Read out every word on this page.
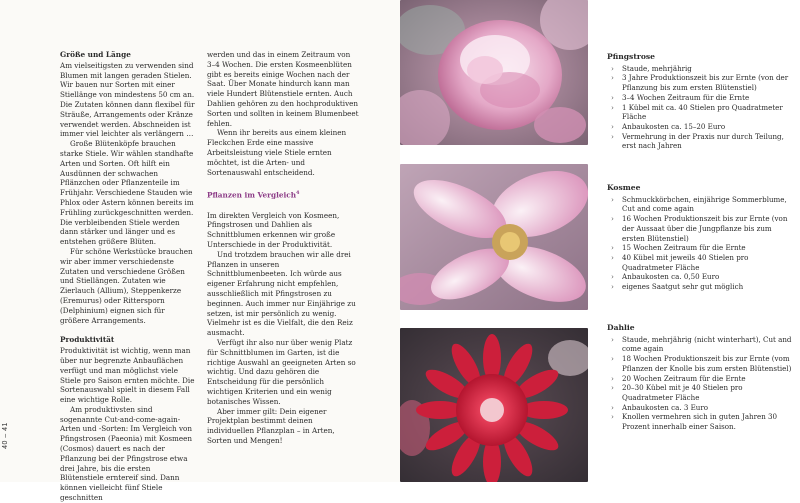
40 – 41
Größe und Länge

Am vielseitigsten zu verwenden sind Blumen mit langen geraden Stielen. Wir bauen nur Sorten mit einer Stiellänge von mindestens 50 cm an. Die Zutaten können dann flexibel für Sträuße, Arrangements oder Kränze verwendet werden. Abschneiden ist immer viel leichter als verlängern …

Große Blütenköpfe brauchen starke Stiele. Wir wählen standhafte Arten und Sorten. Oft hilft ein Ausdünnen der schwachen Pflänzchen oder Pflanzenteile im Frühjahr. Verschiedene Stauden wie Phlox oder Astern können bereits im Frühling zurückgeschnitten werden. Die verbleibenden Stiele werden dann stärker und länger und es entstehen größere Blüten.

Für schöne Werkstücke brauchen wir aber immer verschiedenste Zutaten und verschiedene Größen und Stiellängen. Zutaten wie Zierlauch (Allium), Steppenkerze (Eremurus) oder Rittersporn (Delphinium) eignen sich für größere Arrangements.

Produktivität

Produktivität ist wichtig, wenn man über nur begrenzte Anbauflächen verfügt und man möglichst viele Stiele pro Saison ernten möchte. Die Sortenauswahl spielt in diesem Fall eine wichtige Rolle.

Am produktivsten sind sogenannte Cut-and-come-again-Arten und -Sorten: Im Vergleich von Pfingstrosen (Paeonia) mit Kosmeen (Cosmos) dauert es nach der Pflanzung bei der Pfingstrose etwa drei Jahre, bis die ersten Blütenstiele erntereif sind. Dann können vielleicht fünf Stiele geschnitten

werden und das in einem Zeitraum von 3–4 Wochen. Die ersten Kosmeenblüten gibt es bereits einige Wochen nach der Saat. Über Monate hindurch kann man viele Hundert Blütenstiele ernten. Auch Dahlien gehören zu den hochproduktiven Sorten und sollten in keinem Blumenbeet fehlen.

Wenn ihr bereits aus einem kleinen Fleckchen Erde eine massive Arbeitsleistung viele Stiele ernten möchtet, ist die Arten- und Sortenauswahl entscheidend.

Pflanzen im Vergleich$^4$

Im direkten Vergleich von Kosmeen, Pfingstrosen und Dahlien als Schnittblumen erkennen wir große Unterschiede in der Produktivität.

Und trotzdem brauchen wir alle drei Pflanzen in unseren Schnittblumenbeeten. Ich würde aus eigener Erfahrung nicht empfehlen, ausschließlich mit Pfingstrosen zu beginnen. Auch immer nur Einjährige zu setzen, ist mir persönlich zu wenig. Vielmehr ist es die Vielfalt, die den Reiz ausmacht.

Verfügt ihr also nur über wenig Platz für Schnittblumen im Garten, ist die richtige Auswahl an geeigneten Arten so wichtig. Und dazu gehören die Entscheidung für die persönlich wichtigen Kriterien und ein wenig botanisches Wissen.

Aber immer gilt: Dein eigener Projektplan bestimmt deinen individuellen Pflanzplan – in Arten, Sorten und Mengen!

Pfingstrose
› Staude, mehrjährig
› 3 Jahre Produktionszeit bis zur Ernte (von der Pflanzung bis zum ersten Blütenstiel)
› 3–4 Wochen Zeitraum für die Ernte
› 1 Kübel mit ca. 40 Stielen pro Quadratmeter Fläche
› Anbaukosten ca. 15–20 Euro
› Vermehrung in der Praxis nur durch Teilung, erst nach Jahren
Kosmee
› Schmuckkörbchen, einjährige Sommerblume, Cut and come again
› 16 Wochen Produktionszeit bis zur Ernte (von der Aussaat über die Jungpflanze bis zum ersten Blütenstiel)
› 15 Wochen Zeitraum für die Ernte
› 40 Kübel mit jeweils 40 Stielen pro Quadratmeter Fläche
› Anbaukosten ca. 0,50 Euro
› eigenes Saatgut sehr gut möglich
Dahlie
› Staude, mehrjährig (nicht winterhart), Cut and come again
› 18 Wochen Produktionszeit bis zur Ernte (vom Pflanzen der Knolle bis zum ersten Blütenstiel)
› 20 Wochen Zeitraum für die Ernte
› 20–30 Kübel mit je 40 Stielen pro Quadratmeter Fläche
› Anbaukosten ca. 3 Euro
› Knollen vermehren sich in guten Jahren 30 Prozent innerhalb einer Saison.
